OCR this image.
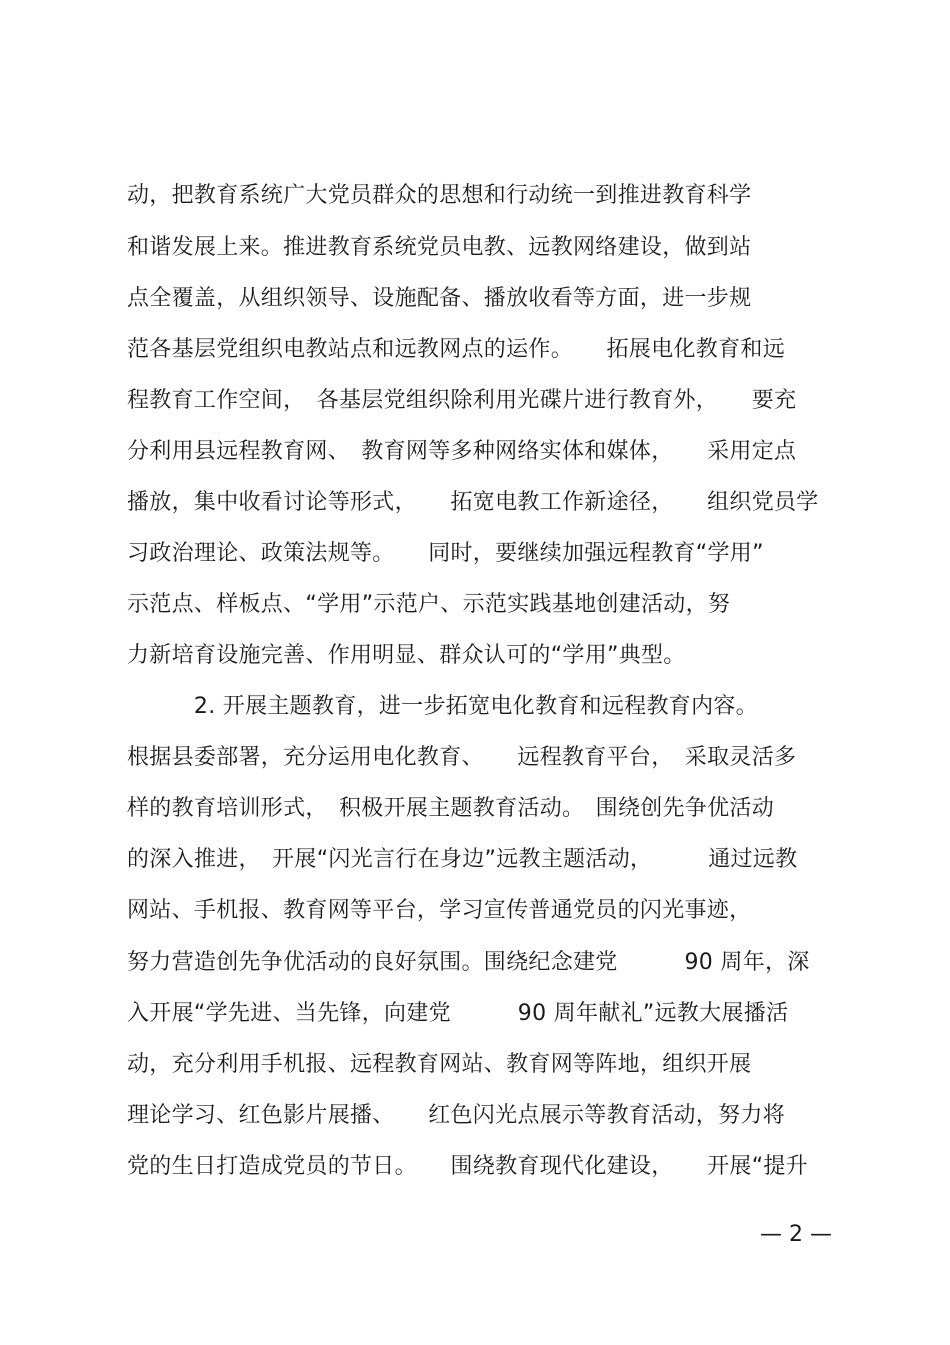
动，把教育系统广大党员群众的思想和行动统一到推进教育科学
和谐发展上来。推进教育系统党员电教、远教网络建设，做到站
点全覆盖，从组织领导、设施配备、播放收看等方面，进一步规
范各基层党组织电教站点和远教网点的运作。　　拓展电化教育和远
程教育工作空间，　各基层党组织除利用光碟片进行教育外，　　要充
分利用县远程教育网、　教育网等多种网络实体和媒体，　　采用定点
播放，集中收看讨论等形式，　　拓宽电教工作新途径，　　组织党员学
习政治理论、政策法规等。　　同时，要继续加强远程教育“学用”
示范点、样板点、“学用”示范户、示范实践基地创建活动，努
力新培育设施完善、作用明显、群众认可的“学用”典型。
　　　2. 开展主题教育，进一步拓宽电化教育和远程教育内容。
根据县委部署，充分运用电化教育、　　远程教育平台，　采取灵活多
样的教育培训形式，　积极开展主题教育活动。　围绕创先争优活动
的深入推进，　开展“闪光言行在身边”远教主题活动，　　　通过远教
网站、手机报、教育网等平台，学习宣传普通党员的闪光事迹，
努力营造创先争优活动的良好氛围。围绕纪念建党　　　90 周年，深
入开展“学先进、当先锋，向建党　　　90 周年献礼”远教大展播活
动，充分利用手机报、远程教育网站、教育网等阵地，组织开展
理论学习、红色影片展播、　　红色闪光点展示等教育活动，努力将
党的生日打造成党员的节日。　　围绕教育现代化建设，　　开展“提升
— 2 —
